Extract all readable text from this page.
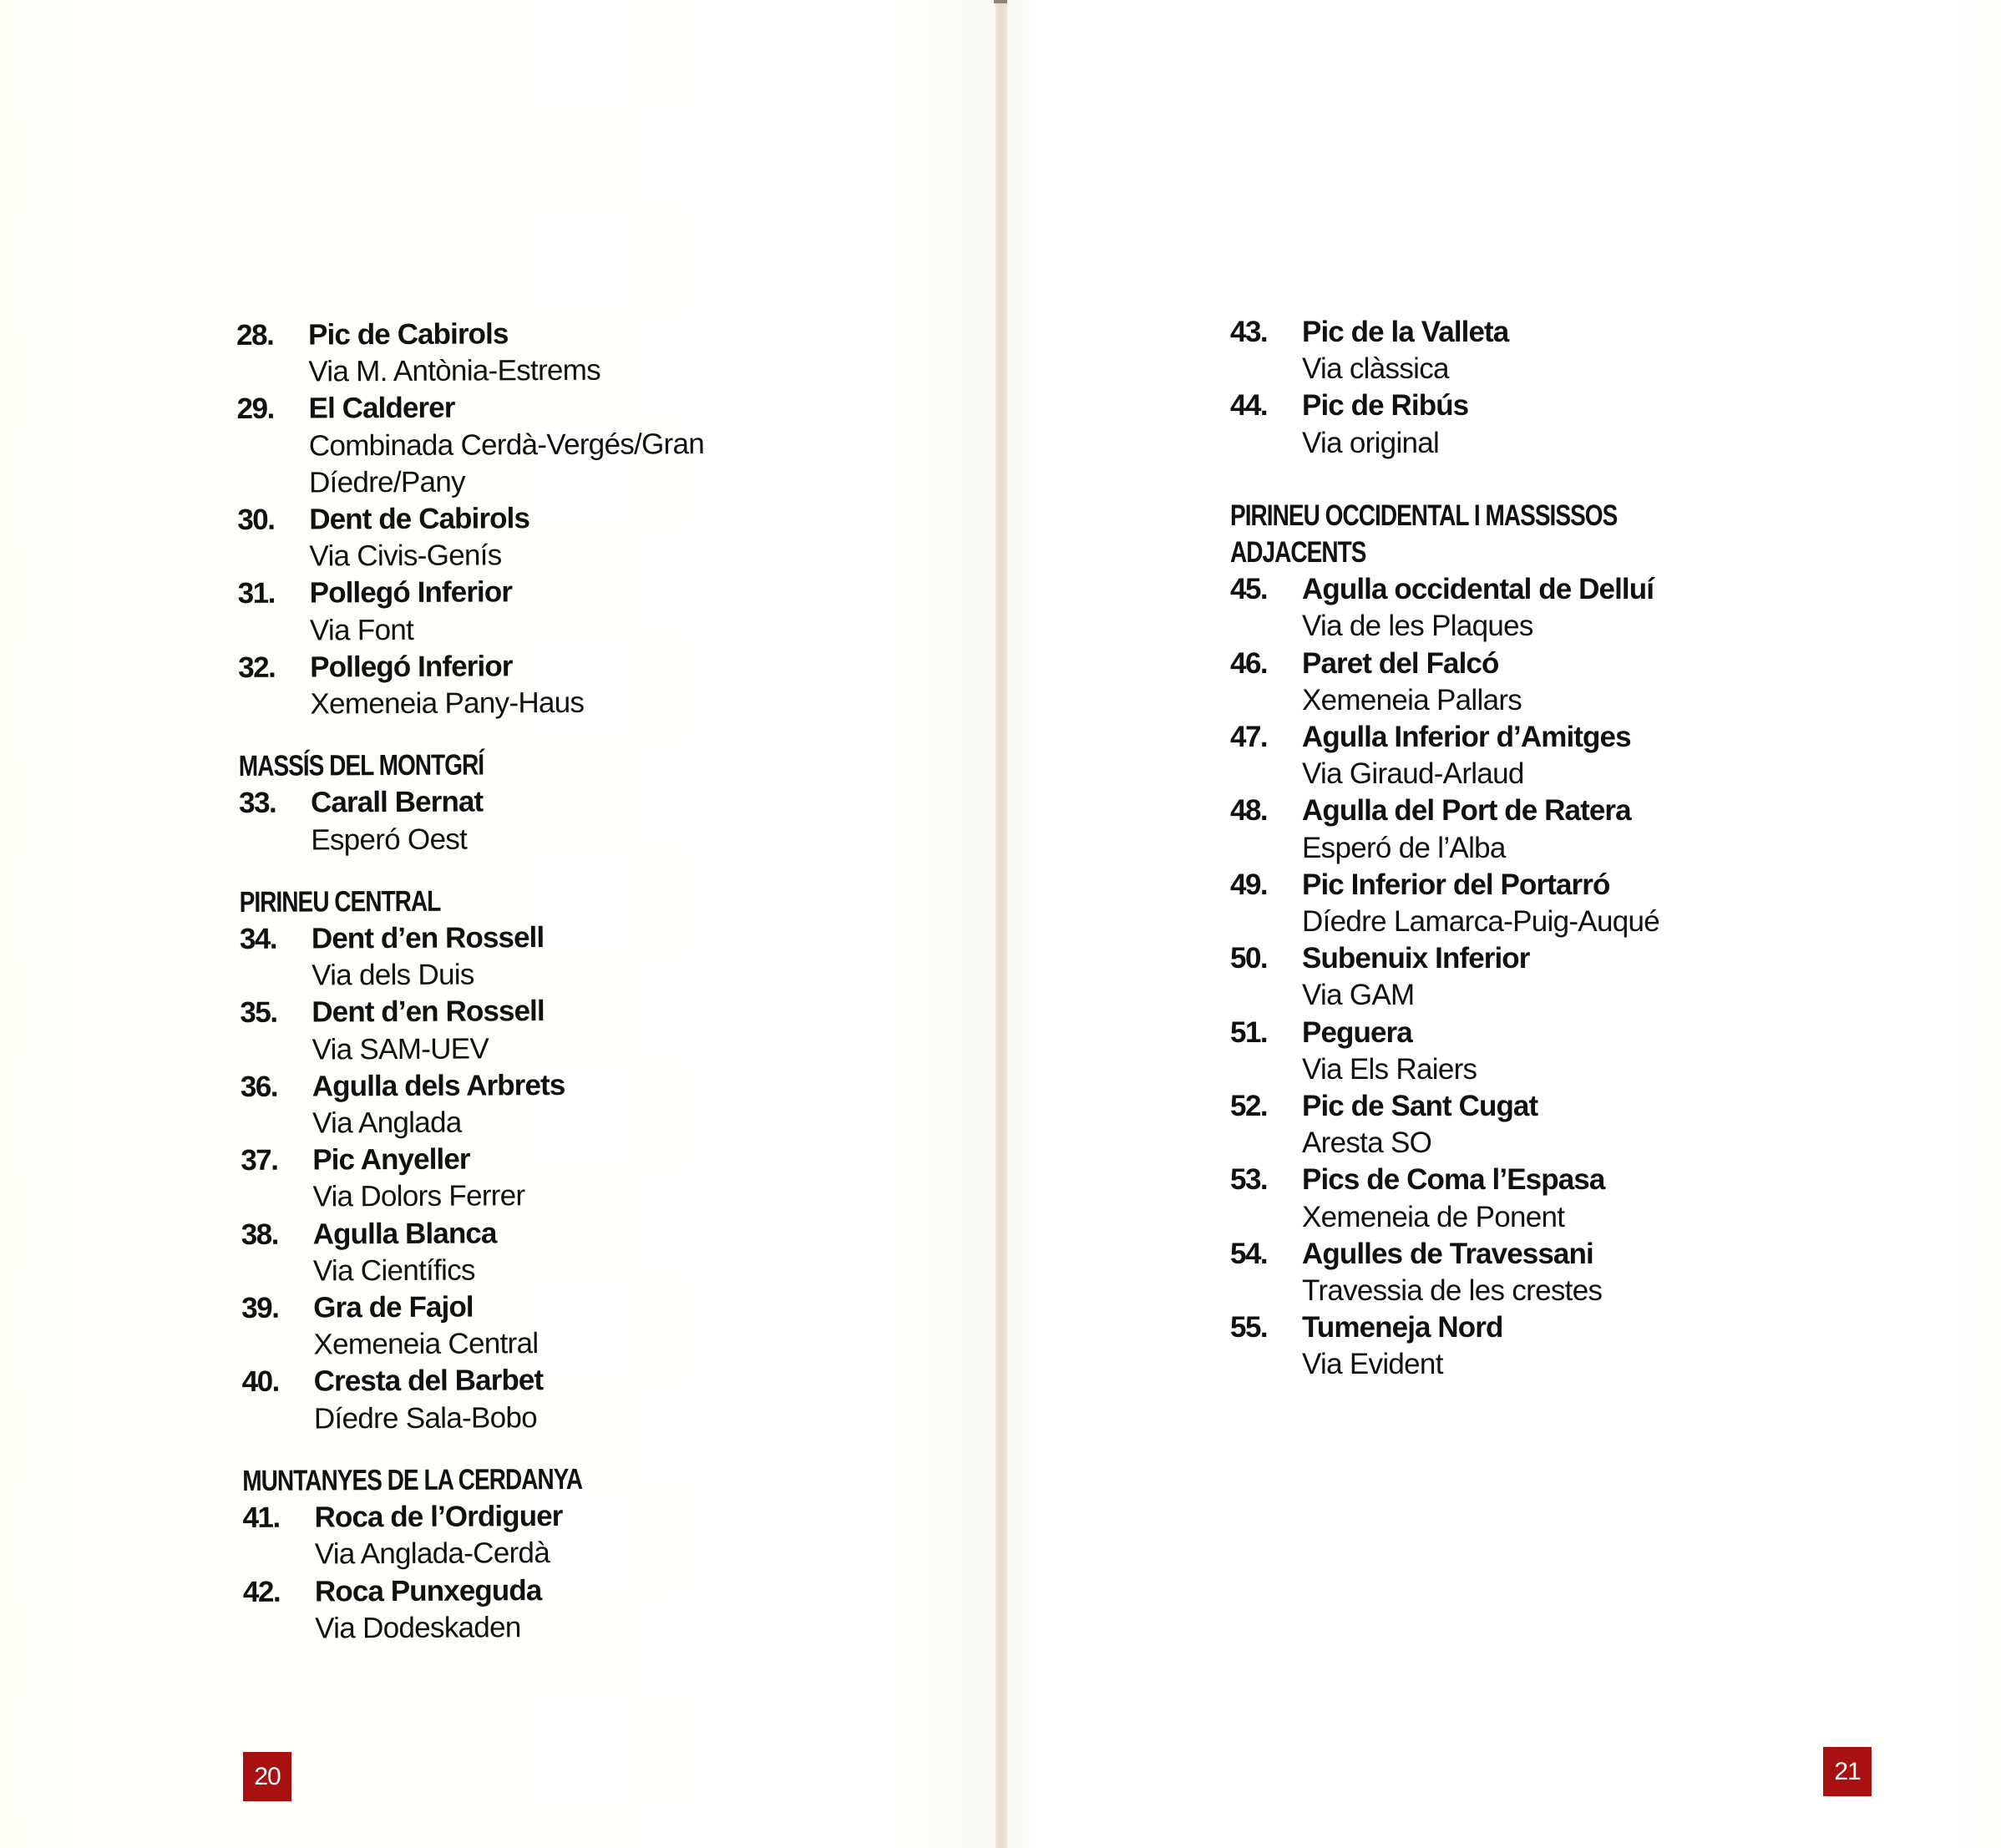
28. Pic de Cabirols
Via M. Antònia-Estrems
29. El Calderer
Combinada Cerdà-Vergés/Gran Díedre/Pany
30. Dent de Cabirols
Via Civis-Genís
31. Pollegó Inferior
Via Font
32. Pollegó Inferior
Xemeneia Pany-Haus
MASSÍS DEL MONTGRÍ
33. Carall Bernat
Esperó Oest
PIRINEU CENTRAL
34. Dent d’en Rossell
Via dels Duis
35. Dent d’en Rossell
Via SAM-UEV
36. Agulla dels Arbrets
Via Anglada
37. Pic Anyeller
Via Dolors Ferrer
38. Agulla Blanca
Via Científics
39. Gra de Fajol
Xemeneia Central
40. Cresta del Barbet
Díedre Sala-Bobo
MUNTANYES DE LA CERDANYA
41. Roca de l’Ordiguer
Via Anglada-Cerdà
42. Roca Punxeguda
Via Dodeskaden
20
43. Pic de la Valleta
Via clàssica
44. Pic de Ribús
Via original
PIRINEU OCCIDENTAL I MASSISSOS
ADJACENTS
45. Agulla occidental de Delluí
Via de les Plaques
46. Paret del Falcó
Xemeneia Pallars
47. Agulla Inferior d’Amitges
Via Giraud-Arlaud
48. Agulla del Port de Ratera
Esperó de l’Alba
49. Pic Inferior del Portarró
Díedre Lamarca-Puig-Auqué
50. Subenuix Inferior
Via GAM
51. Peguera
Via Els Raiers
52. Pic de Sant Cugat
Aresta SO
53. Pics de Coma l’Espasa
Xemeneia de Ponent
54. Agulles de Travessani
Travessia de les crestes
55. Tumeneja Nord
Via Evident
21
